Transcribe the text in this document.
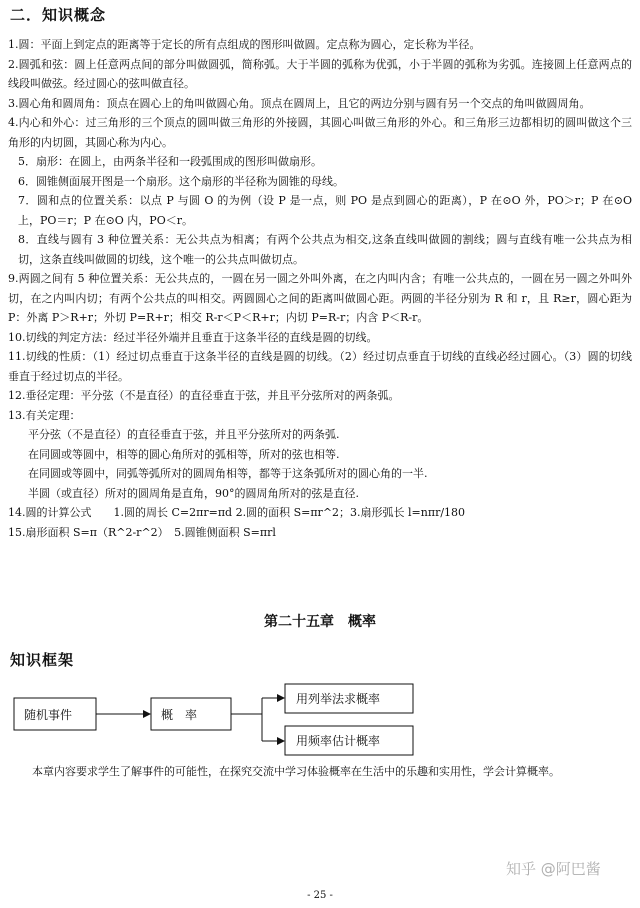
二．知识概念

1.圆：平面上到定点的距离等于定长的所有点组成的图形叫做圆。定点称为圆心，定长称为半径。

2.圆弧和弦：圆上任意两点间的部分叫做圆弧，简称弧。大于半圆的弧称为优弧，小于半圆的弧称为劣弧。连接圆上任意两点的线段叫做弦。经过圆心的弦叫做直径。

3.圆心角和圆周角：顶点在圆心上的角叫做圆心角。顶点在圆周上，且它的两边分别与圆有另一个交点的角叫做圆周角。

4.内心和外心：过三角形的三个顶点的圆叫做三角形的外接圆，其圆心叫做三角形的外心。和三角形三边都相切的圆叫做这个三角形的内切圆，其圆心称为内心。

5．扇形：在圆上，由两条半径和一段弧围成的图形叫做扇形。

6．圆锥侧面展开图是一个扇形。这个扇形的半径称为圆锥的母线。

7．圆和点的位置关系：以点 P 与圆 O 的为例（设 P 是一点，则 PO 是点到圆心的距离），P 在⊙O 外，PO＞r；P 在⊙O 上，PO＝r；P 在⊙O 内，PO＜r。

8．直线与圆有 3 种位置关系：无公共点为相离；有两个公共点为相交,这条直线叫做圆的割线；圆与直线有唯一公共点为相切，这条直线叫做圆的切线，这个唯一的公共点叫做切点。

9.两圆之间有 5 种位置关系：无公共点的，一圆在另一圆之外叫外离，在之内叫内含；有唯一公共点的，一圆在另一圆之外叫外切，在之内叫内切；有两个公共点的叫相交。两圆圆心之间的距离叫做圆心距。两圆的半径分别为 R 和 r，且 R≥r，圆心距为 P：外离 P＞R+r；外切 P=R+r；相交 R-r＜P＜R+r；内切 P=R-r；内含 P＜R-r。

10.切线的判定方法：经过半径外端并且垂直于这条半径的直线是圆的切线。

11.切线的性质：（1）经过切点垂直于这条半径的直线是圆的切线。（2）经过切点垂直于切线的直线必经过圆心。（3）圆的切线垂直于经过切点的半径。

12.垂径定理：平分弦（不是直径）的直径垂直于弦，并且平分弦所对的两条弧。

13.有关定理：

平分弦（不是直径）的直径垂直于弦，并且平分弦所对的两条弧.

在同圆或等圆中，相等的圆心角所对的弧相等，所对的弦也相等.

在同圆或等圆中，同弧等弧所对的圆周角相等，都等于这条弧所对的圆心角的一半.

半圆（或直径）所对的圆周角是直角，90°的圆周角所对的弦是直径.

14.圆的计算公式　　1.圆的周长 C=2πr=πd 2.圆的面积 S=πr^2；3.扇形弧长 l=nπr/180

15.扇形面积 S=π（R^2-r^2）　5.圆锥侧面积 S=πrl

第二十五章　概率
知识框架
随机事件	概　率
用列举法求概率
用频率估计概率
本章内容要求学生了解事件的可能性，在探究交流中学习体验概率在生活中的乐趣和实用性，学会计算概率。
知乎 @阿巴酱
- 25 -
